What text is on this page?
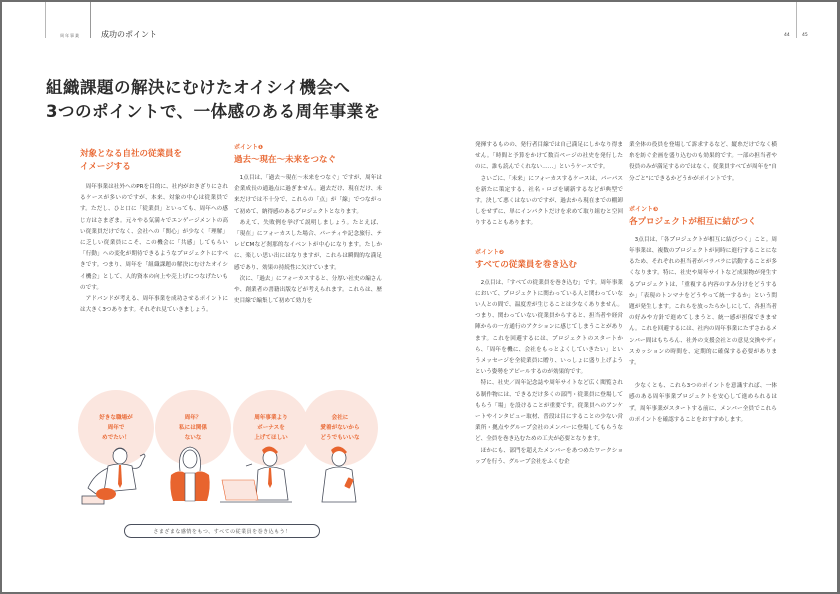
周年事業	成功のポイント	44	45
組織課題の解決にむけたオイシイ機会へ
3つのポイントで、一体感のある周年事業を
対象となる自社の従業員を
イメージする

周年事業は社外へのPRを目的に、社内がおきざりにされるケースが多いのですが、本来、対象の中心は従業員です。ただし、ひと口に「従業員」といっても、周年への感じ方はさまざま。元々やる気満々でエンゲージメントの高い従業員だけでなく、会社への「関心」が少なく「理解」に乏しい従業員にこそ、この機会に「共感」してもらい「行動」への変化が期待できるようなプロジェクトにすべきです。つまり、周年を「組織課題の解決にむけたオイシイ機会」として、人的資本の向上や売上げにつなげたいものです。

アドバンドが考える、周年事業を成功させるポイントには大きく3つあります。それぞれ見ていきましょう。

ポイント❶
過去～現在～未来をつなぐ

1点目は、「過去～現在～未来をつなぐ」ですが、周年は企業成長の通過点に過ぎません。過去だけ、現在だけ、未来だけでは不十分で、これらの「点」が「線」でつながって初めて、納得感のあるプロジェクトとなります。

あえて、失敗例を挙げて説明しましょう。たとえば、「現在」にフォーカスした場合、パーティや記念旅行、テレビCMなど刹那的なイベントが中心になります。たしかに、楽しい思い出にはなりますが、これらは瞬間的な満足感であり、効果の持続性に欠けています。

次に、「過去」にフォーカスすると、分厚い社史の編さんや、創業者の書籍出版などが考えられます。これらは、歴史目線で編集して初めて効力を

好きな職場が
周年で
めでたい！
周年？
私には関係
ないな
周年事業より
ボーナスを
上げてほしい
会社に
愛着がないから
どうでもいいな
さまざまな感情をもつ、すべての従業員を巻き込もう！

発揮するものの、発行者目線では自己満足にしかなり得ません。「時間と予算をかけて数百ページの社史を発行したのに、誰も読んでくれない……」というケースです。

さいごに、「未来」にフォーカスするケースは、パーパスを新たに策定する、社名・ロゴを刷新するなどが典型です。決して悪くはないのですが、過去から現在までの棚卸しをせずに、単にインパクトだけを求めて取り組むと空回りすることもあります。

ポイント❷
すべての従業員を巻き込む

2点目は、「すべての従業員を巻き込む」です。周年事業において、プロジェクトに関わっている人と関わっていない人との間で、温度差が生じることは少なくありません。つまり、関わっていない従業員からすると、担当者や経営陣からの一方通行のアクションに感じてしまうことがあります。これを回避するには、プロジェクトのスタートから、「周年を機に、会社をもっとよくしていきたい」というメッセージを全従業員に贈り、いっしょに盛り上げようという姿勢をアピールするのが効果的です。

特に、社史／周年記念誌や周年サイトなど広く閲覧される制作物には、できるだけ多くの部門・従業員に登場してもらう「場」を設けることが重要です。従業員へのアンケートやインタビュー取材、普段は目にすることの少ない営業所・拠点やグループ会社のメンバーに登場してもらうなど、全員を巻き込むための工夫が必要となります。

ほかにも、部門を超えたメンバーをあつめたワークショップを行う、グループ会社をふくむ企

業全体の役員を登場して訴求するなど、縦糸だけでなく横糸を紡ぐ企画を盛り込むのも効果的です。一部の担当者や役員のみが満足するのではなく、従業員すべてが周年を"自分ごと"にできるかどうかがポイントです。

ポイント❸
各プロジェクトが相互に結びつく

3点目は、「各プロジェクトが相互に結びつく」こと。周年事業は、複数のプロジェクトが同時に進行することになるため、それぞれの担当者がバラバラに活動することが多くなります。特に、社史や周年サイトなど成果物が発生するプロジェクトは、「重複する内容のすみ分けをどうするか」「表現のトンマナをどうやって統一するか」という問題が発生します。これらを放ったらかしにして、各担当者の好みや方針で進めてしまうと、統一感が担保できません。これを回避するには、社内の周年事業にたずさわるメンバー間はもちろん、社外の支援会社との意見交換やディスカッションの時間を、定期的に確保する必要があります。

少なくとも、これら3つのポイントを意識すれば、一体感のある周年事業プロジェクトを安心して進められるはず。周年事業がスタートする前に、メンバー全員でこれらのポイントを確認することをおすすめします。
